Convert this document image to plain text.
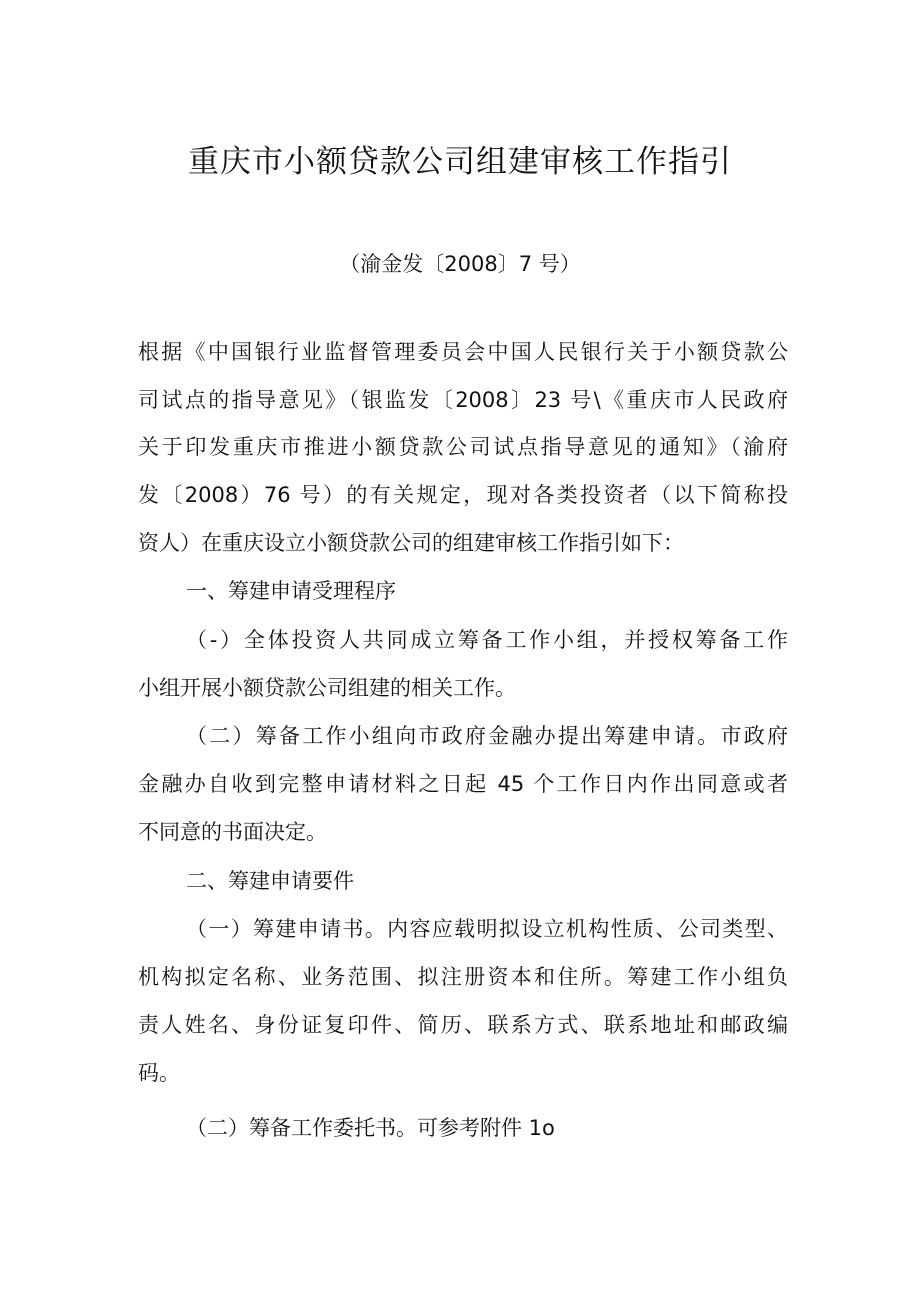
重庆市小额贷款公司组建审核工作指引
（渝金发〔2008〕7 号）
根据《中国银行业监督管理委员会中国人民银行关于小额贷款公
司试点的指导意见》（银监发〔2008〕23 号\《重庆市人民政府
关于印发重庆市推进小额贷款公司试点指导意见的通知》（渝府
发〔2008）76 号）的有关规定，现对各类投资者（以下简称投
资人）在重庆设立小额贷款公司的组建审核工作指引如下：
一、筹建申请受理程序
（-）全体投资人共同成立筹备工作小组，并授权筹备工作
小组开展小额贷款公司组建的相关工作。
（二）筹备工作小组向市政府金融办提出筹建申请。市政府
金融办自收到完整申请材料之日起 45 个工作日内作出同意或者
不同意的书面决定。
二、筹建申请要件
（一）筹建申请书。内容应载明拟设立机构性质、公司类型、
机构拟定名称、业务范围、拟注册资本和住所。筹建工作小组负
责人姓名、身份证复印件、简历、联系方式、联系地址和邮政编
码。
（二）筹备工作委托书。可参考附件 1o
